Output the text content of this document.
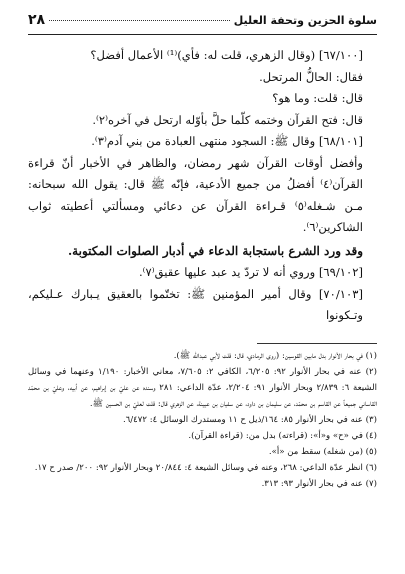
سلوة الحزين وتحفة العليل
٢٨

[٦٧/١٠٠] (وقال الزهري، قلت له: فأي)⁽¹⁾ الأعمال أفضل؟

فقال: الحالُّ المرتحل.

قال: قلت: وما هو؟

قال: فتح القرآن وختمه كلّما حلَّ بأوّله ارتحل في آخره⁽٢⁾.

[٦٨/١٠١] وقال ﷺ: السجود منتهى العبادة من بني آدم⁽٣⁾.

وأفضل أوقات القرآن شهر رمضان، والظاهر في الأخبار أنّ قراءة القرآن⁽٤⁾ أفضلُ من جميع الأدعية، فإنّه ﷺ قال: يقول الله سبحانه: مـن شـغله⁽٥⁾ قـراءة القرآن عن دعائي ومسألتي أعطيته ثواب الشاكرين⁽٦⁾.

وقد ورد الشرع باستجابة الدعاء في أدبار الصلوات المكتوبة.

[٦٩/١٠٢] وروي أنه لا تردّ يد عبد عليها عقيق⁽٧⁾.

[٧٠/١٠٣] وقال أمير المؤمنين ﷺ: تختّموا بالعقيق يـبارك عـليكم، وتـكونوا

(١) في بحار الأنوار بدل مابين القوسين: (روى الرمادي، قال: قلت لأبي عبدالله ﷺ).

(٢) عنه في بحار الأنوار ٩٢: ٦/٢٠٥، الكافي ٢: ٧/٦٠٥، معاني الأخبار: ١/١٩٠ وعنهما في وسائل الشيعة ٦: ٢/٨٣٩ وبحار الأنوار ٩١: ٢/٢٠٤، عدّة الداعي: ٢٨١ وسنده عن عليّ بن إبراهيم، عن أبيه، وعليّ بن محمّد القاساني جميعاً عن القاسم بن محمّد، عن سليمان بن داود، عن سفيان بن عيينة، عن الزهري قال: قلت لعليّ بن الحسين ﷺ.

(٣) عنه في بحار الأنوار ٨٥: ١٦٤/ذيل ح ١١ ومستدرك الوسائل ٤: ٦/٤٧٢.

(٤) في «ح» و«أ»: (قراءته) بدل من: (قراءة القرآن).

(٥) (من شغله) سقط من «أ».

(٦) انظر عدّة الداعي: ٢٦٨، وعنه في وسائل الشيعة ٤: ٢٠/٨٤٤ وبحار الأنوار ٩٢: ٢٠٠/ صدر ح ١٧.

(٧) عنه في بحار الأنوار ٩٣: ٣١٣.
